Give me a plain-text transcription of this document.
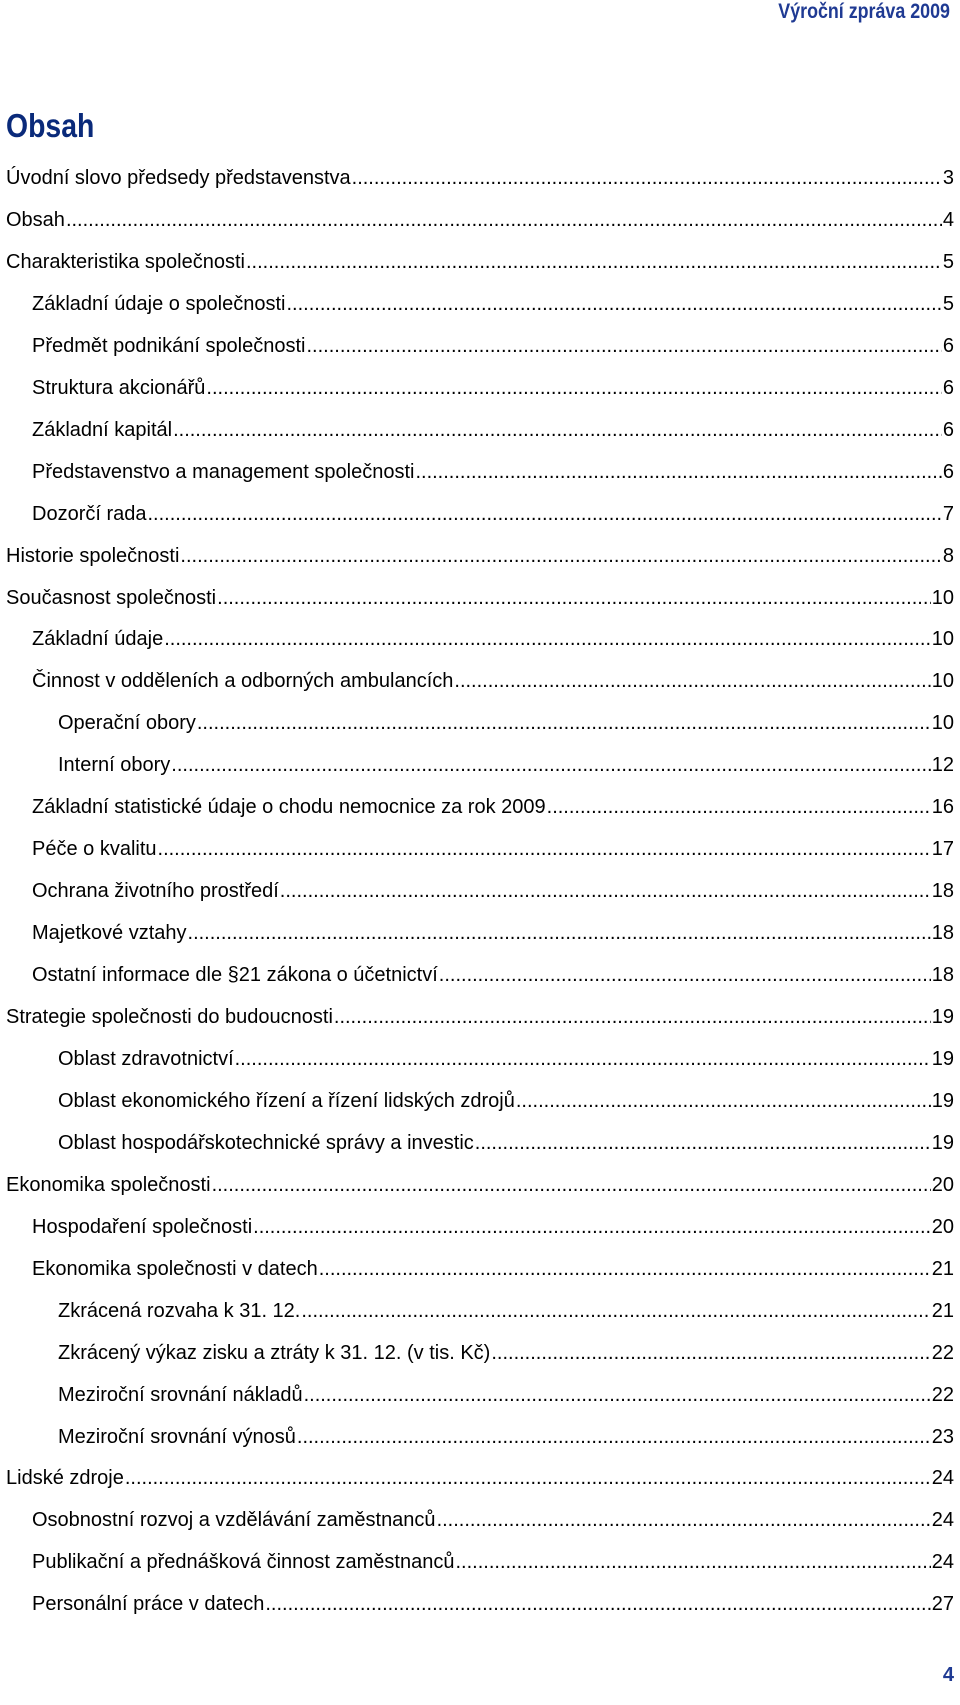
Výroční zpráva 2009
Obsah
Úvodní slovo předsedy představenstva .....	3
Obsah .....	4
Charakteristika společnosti .....	5
Základní údaje o společnosti .....	5
Předmět podnikání společnosti .....	6
Struktura akcionářů .....	6
Základní kapitál .....	6
Představenstvo a management společnosti .....	6
Dozorčí rada .....	7
Historie společnosti .....	8
Současnost společnosti .....	10
Základní údaje .....	10
Činnost v odděleních a odborných ambulancích .....	10
Operační obory .....	10
Interní obory .....	12
Základní statistické údaje o chodu nemocnice za rok 2009 .....	16
Péče o kvalitu .....	17
Ochrana životního prostředí .....	18
Majetkové vztahy .....	18
Ostatní informace dle §21 zákona o účetnictví .....	18
Strategie společnosti do budoucnosti .....	19
Oblast zdravotnictví .....	19
Oblast ekonomického řízení a řízení lidských zdrojů .....	19
Oblast hospodářskotechnické správy a investic .....	19
Ekonomika společnosti .....	20
Hospodaření společnosti .....	20
Ekonomika společnosti v datech .....	21
Zkrácená rozvaha k 31. 12. .....	21
Zkrácený výkaz zisku a ztráty k 31. 12. (v tis. Kč) .....	22
Meziroční srovnání nákladů .....	22
Meziroční srovnání výnosů .....	23
Lidské zdroje .....	24
Osobnostní rozvoj a vzdělávání zaměstnanců .....	24
Publikační a přednášková činnost zaměstnanců .....	24
Personální práce v datech .....	27
4
